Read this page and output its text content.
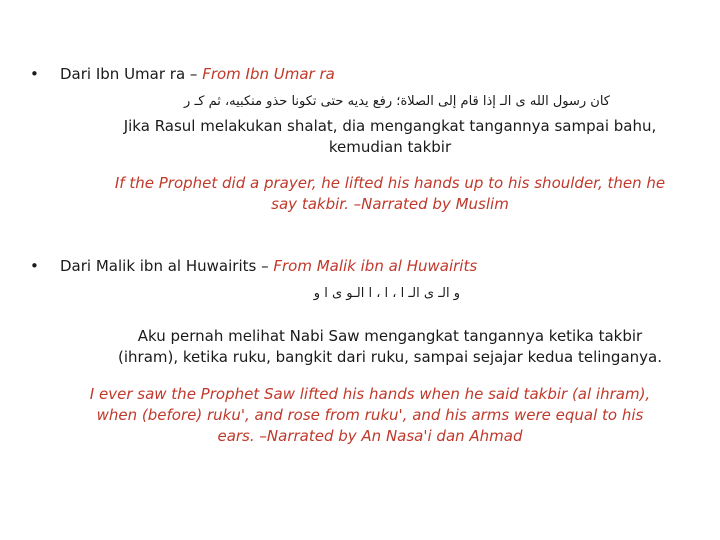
• Dari Ibn Umar ra – From Ibn Umar ra
كان رسول الله ى الـ إذا قام إلى الصلاة؛ رفع يديه حتى تكونا حذو منكبيه، ثم كـ ر
Jika Rasul melakukan shalat, dia mengangkat tangannya sampai bahu,
kemudian takbir
If the Prophet did a prayer, he lifted his hands up to his shoulder, then he
say takbir. –Narrated by Muslim
• Dari Malik ibn al Huwairits – From Malik ibn al Huwairits
و الـ ى الـ ا ، ا ، ا الـو ى ا و
Aku pernah melihat Nabi Saw mengangkat tangannya ketika takbir
(ihram), ketika ruku, bangkit dari ruku, sampai sejajar kedua telinganya.
I ever saw the Prophet Saw lifted his hands when he said takbir (al ihram),
when (before) ruku', and rose from ruku', and his arms were equal to his
ears. –Narrated by An Nasa'i dan Ahmad
